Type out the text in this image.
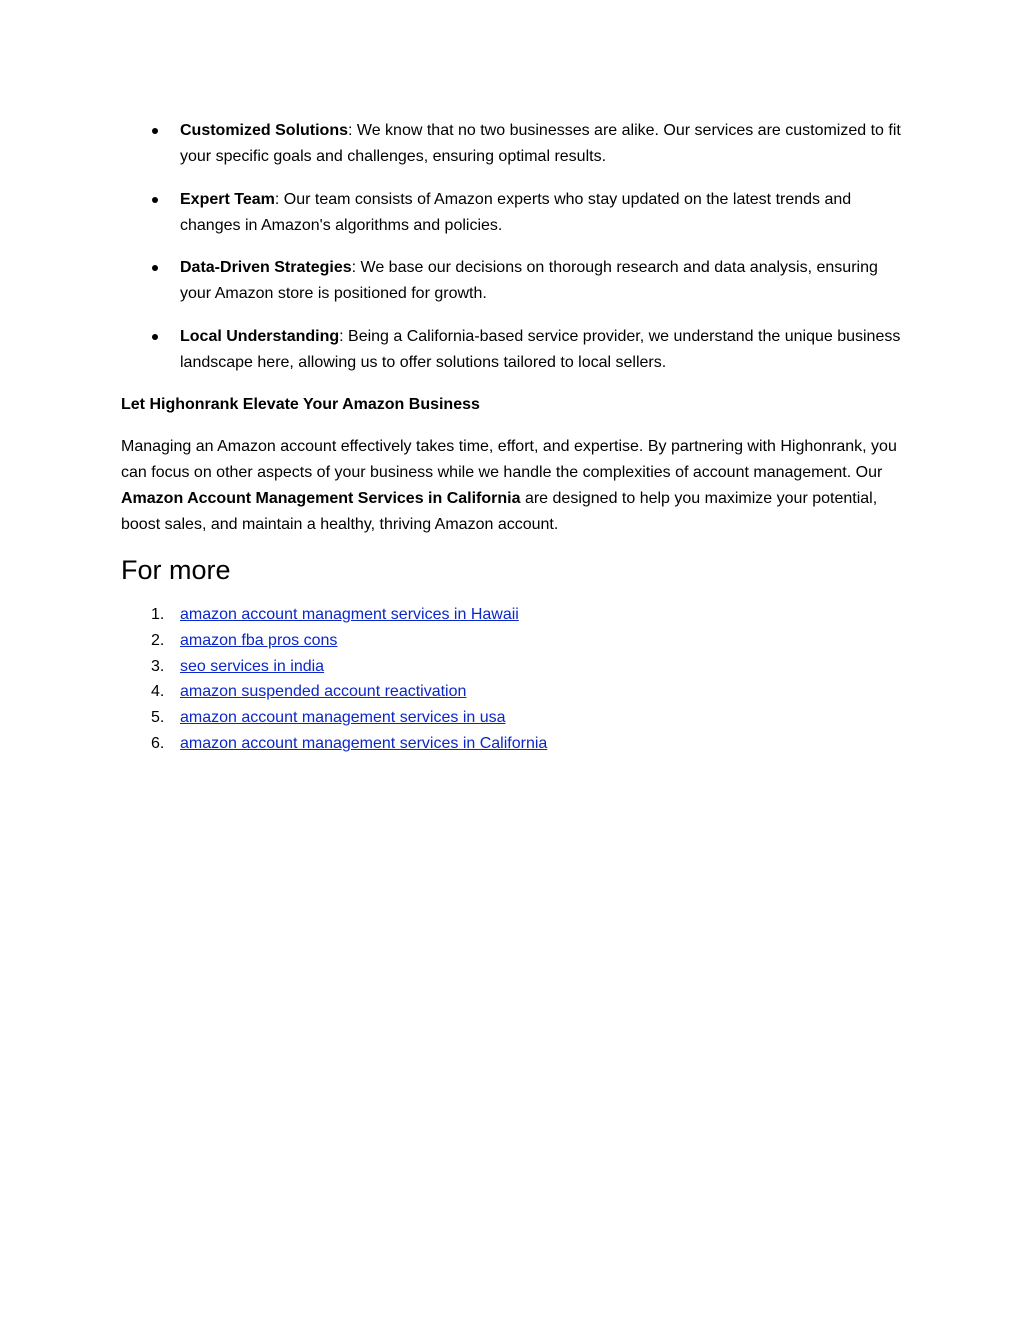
Customized Solutions: We know that no two businesses are alike. Our services are customized to fit your specific goals and challenges, ensuring optimal results.
Expert Team: Our team consists of Amazon experts who stay updated on the latest trends and changes in Amazon's algorithms and policies.
Data-Driven Strategies: We base our decisions on thorough research and data analysis, ensuring your Amazon store is positioned for growth.
Local Understanding: Being a California-based service provider, we understand the unique business landscape here, allowing us to offer solutions tailored to local sellers.

Let Highonrank Elevate Your Amazon Business

Managing an Amazon account effectively takes time, effort, and expertise. By partnering with Highonrank, you can focus on other aspects of your business while we handle the complexities of account management. Our Amazon Account Management Services in California are designed to help you maximize your potential, boost sales, and maintain a healthy, thriving Amazon account.

For more
1. amazon account managment services in Hawaii
2. amazon fba pros cons
3. seo services in india
4. amazon suspended account reactivation
5. amazon account management services in usa
6. amazon account management services in California
